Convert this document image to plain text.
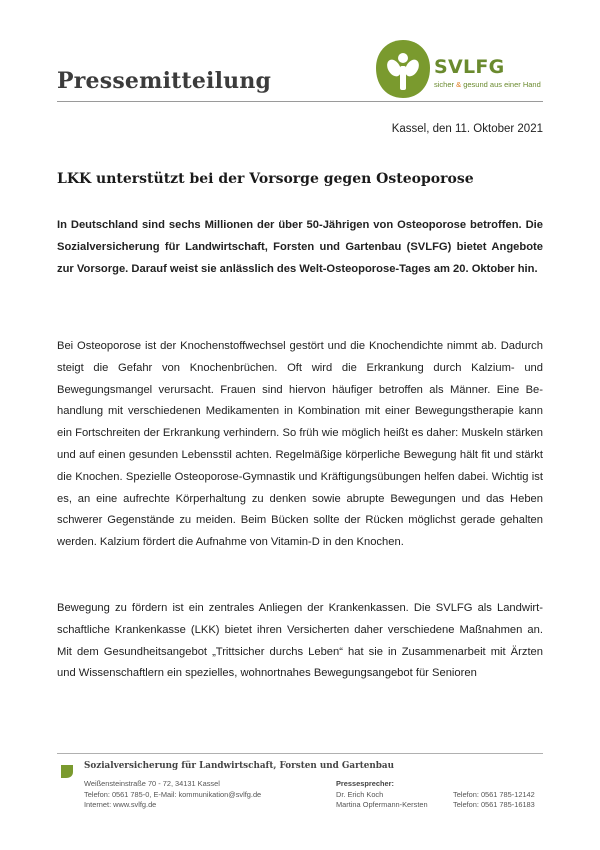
Pressemitteilung
SVLFG
sicher & gesund aus einer Hand
Kassel, den 11. Oktober 2021
LKK unterstützt bei der Vorsorge gegen Osteoporose

In Deutschland sind sechs Millionen der über 50-Jährigen von Osteoporose betroffen. Die Sozialversicherung für Landwirtschaft, Forsten und Gartenbau (SVLFG) bietet Angebote zur Vorsorge. Darauf weist sie anlässlich des Welt-Osteoporose-Tages am 20. Oktober hin.

Bei Osteoporose ist der Knochenstoffwechsel gestört und die Knochendichte nimmt ab. Dadurch steigt die Gefahr von Knochenbrüchen. Oft wird die Erkrankung durch Kalzium- und Bewegungsmangel verursacht. Frauen sind hiervon häufiger betroffen als Männer. Eine Behandlung mit verschiedenen Medikamenten in Kombination mit einer Bewegungstherapie kann ein Fortschreiten der Erkrankung verhindern. So früh wie möglich heißt es daher: Muskeln stärken und auf einen gesunden Lebensstil achten. Regelmäßige körperliche Bewegung hält fit und stärkt die Knochen. Spezielle Osteoporose-Gymnastik und Kräftigungsübungen helfen dabei. Wichtig ist es, an eine aufrechte Körperhaltung zu denken sowie abrupte Bewegungen und das Heben schwerer Gegenstände zu meiden. Beim Bücken sollte der Rücken möglichst gerade gehalten werden. Kalzium fördert die Aufnahme von Vitamin-D in den Knochen.

Bewegung zu fördern ist ein zentrales Anliegen der Krankenkassen. Die SVLFG als Landwirtschaftliche Krankenkasse (LKK) bietet ihren Versicherten daher verschiedene Maßnahmen an. Mit dem Gesundheitsangebot „Trittsicher durchs Leben“ hat sie in Zusammenarbeit mit Ärzten und Wissenschaftlern ein spezielles, wohnortnahes Bewegungsangebot für Senioren

Sozialversicherung für Landwirtschaft, Forsten und Gartenbau
Weißensteinstraße 70 - 72, 34131 Kassel
Telefon: 0561 785-0, E-Mail: kommunikation@svlfg.de
Internet: www.svlfg.de
Pressesprecher:
Dr. Erich Koch
Martina Opfermann-Kersten
Telefon: 0561 785-12142
Telefon: 0561 785-16183
